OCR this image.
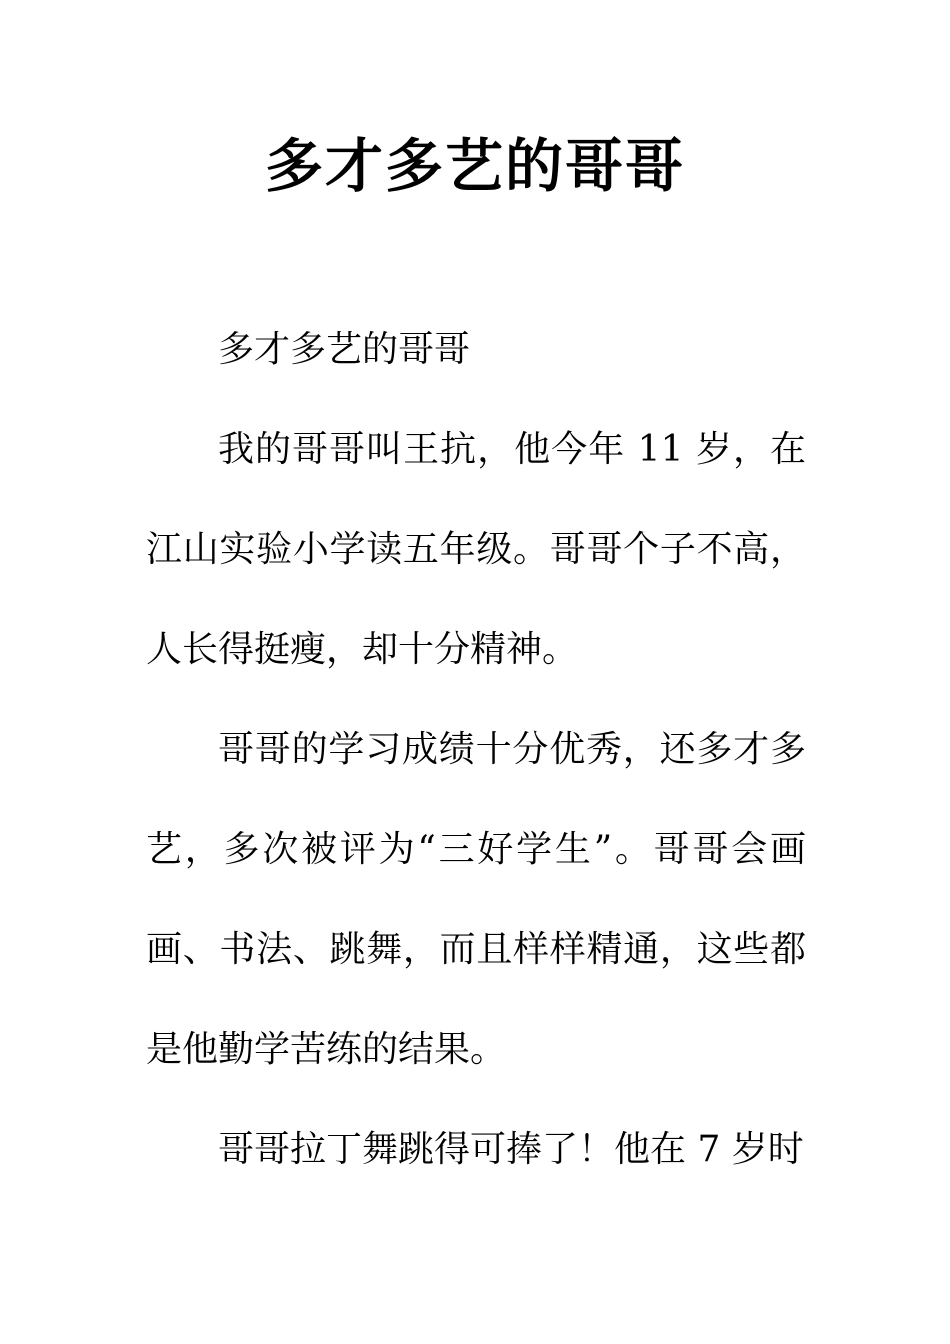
多才多艺的哥哥

多才多艺的哥哥

我的哥哥叫王抗，他今年 11 岁，在江山实验小学读五年级。哥哥个子不高，人长得挺瘦，却十分精神。

哥哥的学习成绩十分优秀，还多才多艺，多次被评为“三好学生”。哥哥会画画、书法、跳舞，而且样样精通，这些都是他勤学苦练的结果。

哥哥拉丁舞跳得可捧了！他在 7 岁时
